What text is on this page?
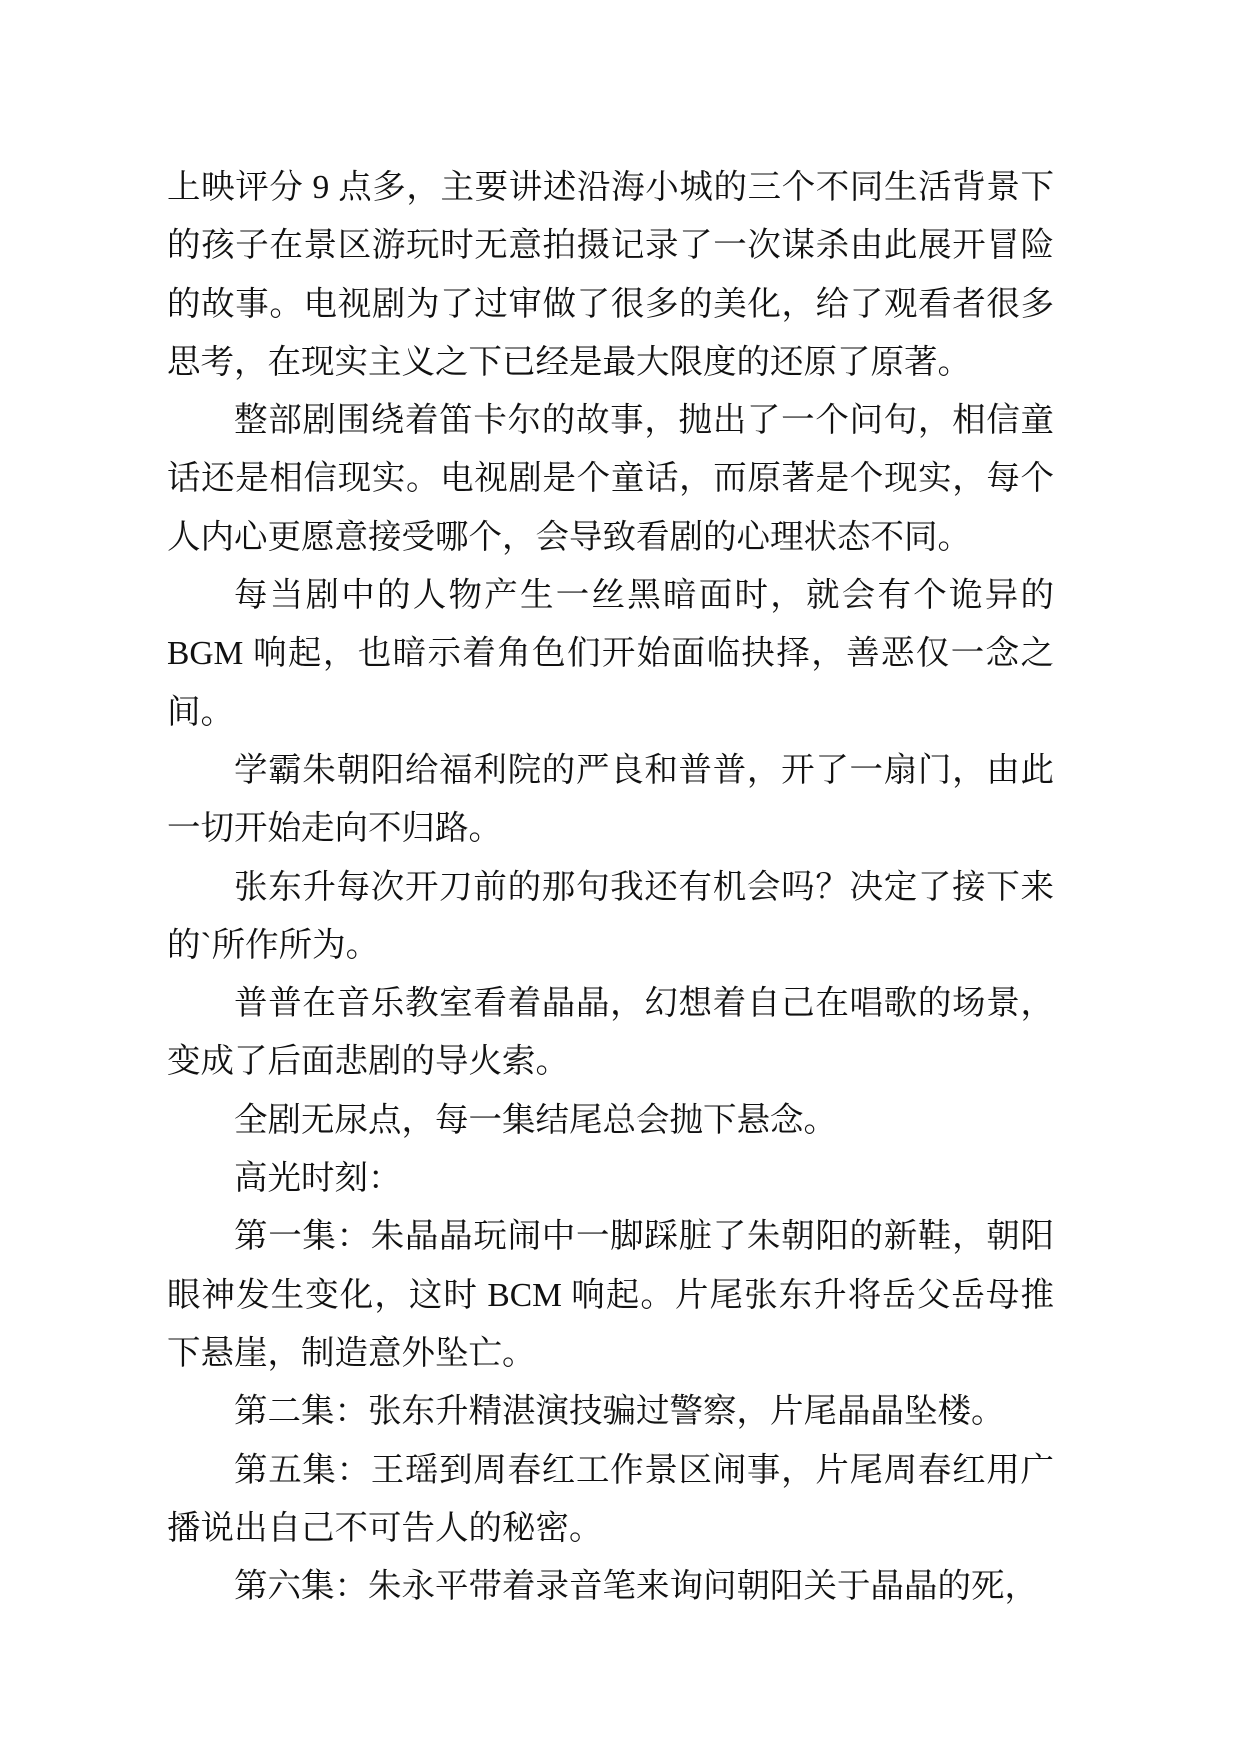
上映评分 9 点多，主要讲述沿海小城的三个不同生活背景下的孩子在景区游玩时无意拍摄记录了一次谋杀由此展开冒险的故事。电视剧为了过审做了很多的美化，给了观看者很多思考，在现实主义之下已经是最大限度的还原了原著。

整部剧围绕着笛卡尔的故事，抛出了一个问句，相信童话还是相信现实。电视剧是个童话，而原著是个现实，每个人内心更愿意接受哪个，会导致看剧的心理状态不同。

每当剧中的人物产生一丝黑暗面时，就会有个诡异的 BGM 响起，也暗示着角色们开始面临抉择，善恶仅一念之间。

学霸朱朝阳给福利院的严良和普普，开了一扇门，由此一切开始走向不归路。

张东升每次开刀前的那句我还有机会吗？决定了接下来的`所作所为。

普普在音乐教室看着晶晶，幻想着自己在唱歌的场景，变成了后面悲剧的导火索。

全剧无尿点，每一集结尾总会抛下悬念。

高光时刻：

第一集：朱晶晶玩闹中一脚踩脏了朱朝阳的新鞋，朝阳眼神发生变化，这时 BCM 响起。片尾张东升将岳父岳母推下悬崖，制造意外坠亡。

第二集：张东升精湛演技骗过警察，片尾晶晶坠楼。

第五集：王瑶到周春红工作景区闹事，片尾周春红用广播说出自己不可告人的秘密。

第六集：朱永平带着录音笔来询问朝阳关于晶晶的死，
